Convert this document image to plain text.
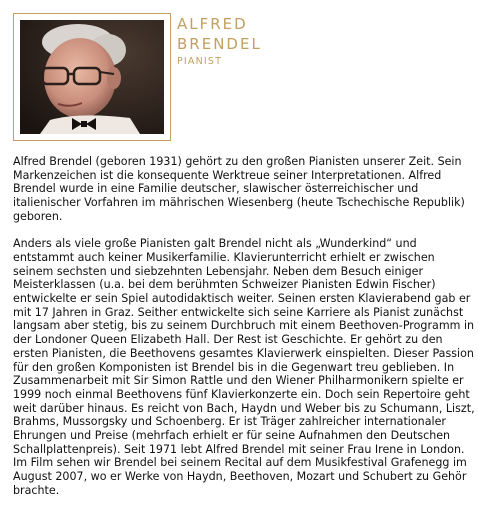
ALFRED
BRENDEL
PIANIST

Alfred Brendel (geboren 1931) gehört zu den großen Pianisten unserer Zeit. Sein Markenzeichen ist die konsequente Werktreue seiner Interpretationen. Alfred Brendel wurde in eine Familie deutscher, slawischer österreichischer und italienischer Vorfahren im mährischen Wiesenberg (heute Tschechische Republik) geboren.

Anders als viele große Pianisten galt Brendel nicht als „Wunderkind“ und entstammt auch keiner Musikerfamilie. Klavierunterricht erhielt er zwischen seinem sechsten und siebzehnten Lebensjahr. Neben dem Besuch einiger Meisterklassen (u.a. bei dem berühmten Schweizer Pianisten Edwin Fischer) entwickelte er sein Spiel autodidaktisch weiter. Seinen ersten Klavierabend gab er mit 17 Jahren in Graz. Seither entwickelte sich seine Karriere als Pianist zunächst langsam aber stetig, bis zu seinem Durchbruch mit einem Beethoven-Programm in der Londoner Queen Elizabeth Hall. Der Rest ist Geschichte. Er gehört zu den ersten Pianisten, die Beethovens gesamtes Klavierwerk einspielten. Dieser Passion für den großen Komponisten ist Brendel bis in die Gegenwart treu geblieben. In Zusammenarbeit mit Sir Simon Rattle und den Wiener Philharmonikern spielte er 1999 noch einmal Beethovens fünf Klavierkonzerte ein. Doch sein Repertoire geht weit darüber hinaus. Es reicht von Bach, Haydn und Weber bis zu Schumann, Liszt, Brahms, Mussorgsky und Schoenberg. Er ist Träger zahlreicher internationaler Ehrungen und Preise (mehrfach erhielt er für seine Aufnahmen den Deutschen Schallplattenpreis). Seit 1971 lebt Alfred Brendel mit seiner Frau Irene in London. Im Film sehen wir Brendel bei seinem Recital auf dem Musikfestival Grafenegg im August 2007, wo er Werke von Haydn, Beethoven, Mozart und Schubert zu Gehör brachte.
